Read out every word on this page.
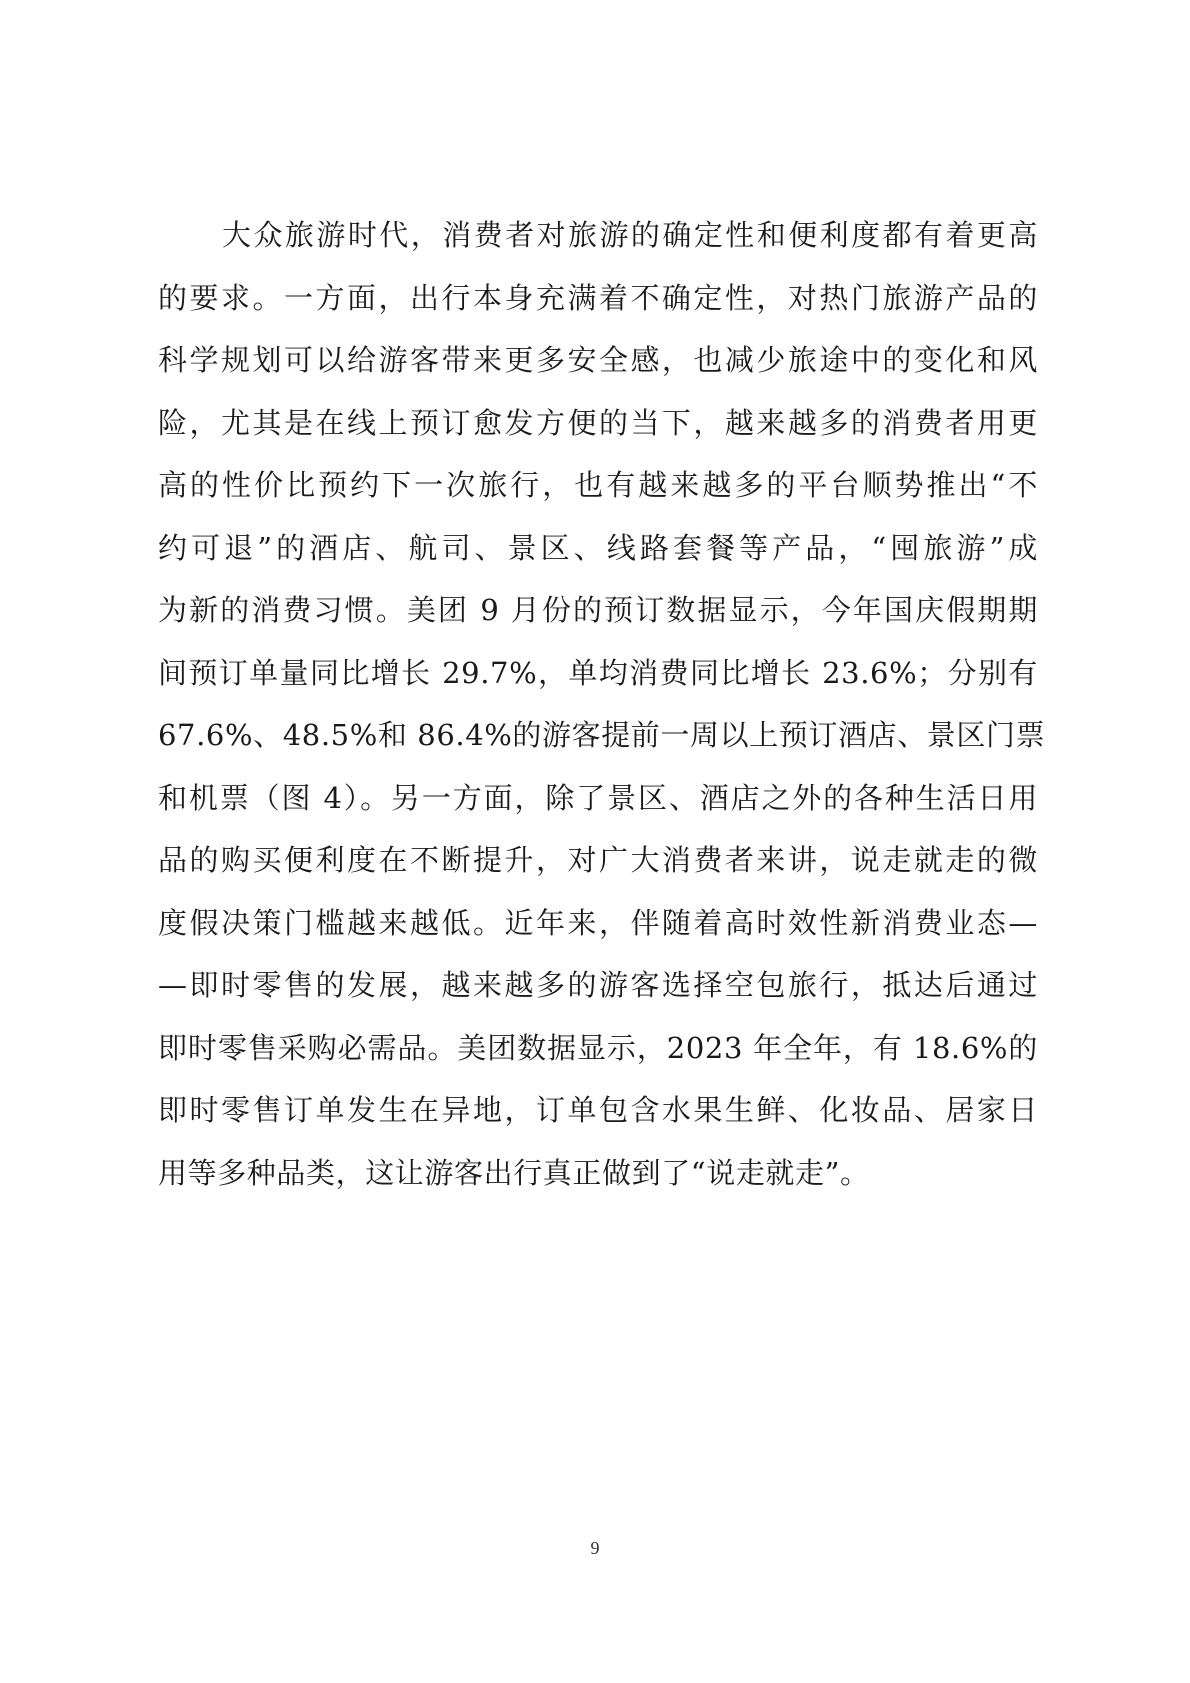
大众旅游时代，消费者对旅游的确定性和便利度都有着更高
的要求。一方面，出行本身充满着不确定性，对热门旅游产品的
科学规划可以给游客带来更多安全感，也减少旅途中的变化和风
险，尤其是在线上预订愈发方便的当下，越来越多的消费者用更
高的性价比预约下一次旅行，也有越来越多的平台顺势推出“不
约可退”的酒店、航司、景区、线路套餐等产品，“囤旅游”成
为新的消费习惯。美团 9 月份的预订数据显示，今年国庆假期期
间预订单量同比增长 29.7%，单均消费同比增长 23.6%；分别有
67.6%、48.5%和 86.4%的游客提前一周以上预订酒店、景区门票
和机票（图 4）。另一方面，除了景区、酒店之外的各种生活日用
品的购买便利度在不断提升，对广大消费者来讲，说走就走的微
度假决策门槛越来越低。近年来，伴随着高时效性新消费业态—
—即时零售的发展，越来越多的游客选择空包旅行，抵达后通过
即时零售采购必需品。美团数据显示，2023 年全年，有 18.6%的
即时零售订单发生在异地，订单包含水果生鲜、化妆品、居家日
用等多种品类，这让游客出行真正做到了“说走就走”。
9
